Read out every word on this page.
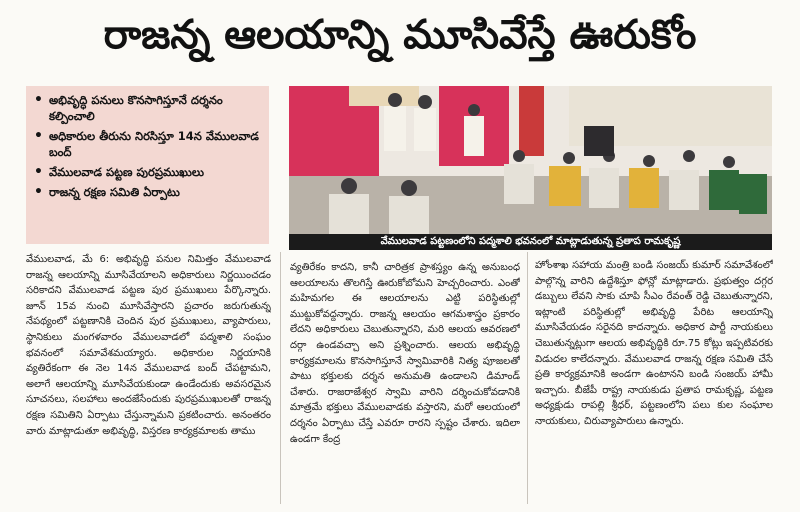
రాజన్న ఆలయాన్ని మూసివేస్తే ఊరుకోం
• అభివృద్ధి పనులు కొనసాగిస్తూనే దర్శనం కల్పించాలి
• అధికారుల తీరును నిరసిస్తూ 14న వేములవాడ బంద్
• వేములవాడ పట్టణ పురప్రముఖులు
• రాజన్న రక్షణ సమితి ఏర్పాటు
వేములవాడ పట్టణంలోని పద్మశాలి భవనంలో మాట్లాడుతున్న ప్రతాప రామకృష్ణ
వేములవాడ, మే 6: అభివృద్ధి పనుల నిమిత్తం వేములవాడ రాజన్న ఆలయాన్ని మూసివేయాలని అధికారులు నిర్ణయించడం సరికాదని వేములవాడ పట్టణ పుర ప్రముఖులు పేర్కొన్నారు. జూన్ 15వ నుంచి మూసివేస్తారని ప్రచారం జరుగుతున్న నేపథ్యంలో పట్టణానికి చెందిన పుర ప్రముఖులు, వ్యాపారులు, స్థానికులు మంగళవారం వేములవాడలో పద్మశాలి సంఘం భవనంలో సమావేశమయ్యారు. అధికారుల నిర్ణయానికి వ్యతిరేకంగా ఈ నెల 14న వేములవాడ బంద్ చేపట్టామని, అలాగే ఆలయాన్ని మూసివేయకుండా ఉండేందుకు అవసరమైన సూచనలు, సలహాలు అందజేసేందుకు పురప్రముఖులతో రాజన్న రక్షణ సమితిని ఏర్పాటు చేస్తున్నామని ప్రకటించారు. అనంతరం వారు మాట్లాడుతూ అభివృద్ధి, విస్తరణ కార్యక్రమాలకు తాము
వ్యతిరేకం కాదని, కానీ చారిత్రక ప్రాశస్త్యం ఉన్న అనుబంధ ఆలయాలను తొలగిస్తే ఊరుకోబోమని హెచ్చరించారు. ఎంతో మహిమగల ఈ ఆలయాలను ఎట్టి పరిస్థితుల్లో ముట్టుకోవద్దన్నారు. రాజన్న ఆలయం ఆగమశాస్త్రం ప్రకారం లేదని అధికారులు చెబుతున్నారని, మరి ఆలయ ఆవరణలో దర్గా ఉండవచ్చా అని ప్రశ్నించారు. ఆలయ అభివృద్ధి కార్యక్రమాలను కొనసాగిస్తూనే స్వామివారికి నిత్య పూజలతో పాటు భక్తులకు దర్శన అనుమతి ఉండాలని డిమాండ్ చేశారు. రాజరాజేశ్వర స్వామి వారిని దర్శించుకోవడానికి మాత్రమే భక్తులు వేములవాడకు వస్తారని, మరో ఆలయంలో దర్శనం ఏర్పాటు చేస్తే ఎవరూ రారని స్పష్టం చేశారు. ఇదిలా ఉండగా కేంద్ర
హోంశాఖ సహాయ మంత్రి బండి సంజయ్ కుమార్ సమావేశంలో పాల్గొన్న వారిని ఉద్దేశిస్తూ ఫోన్లో మాట్లాడారు. ప్రభుత్వం దగ్గర డబ్బులు లేవని సాకు చూపి సీఎం రేవంత్ రెడ్డి చెబుతున్నారని, ఇట్లాంటి పరిస్థితుల్లో అభివృద్ధి పేరిట ఆలయాన్ని మూసివేయడం సరైనది కాదన్నారు. అధికార పార్టీ నాయకులు చెబుతున్నట్లుగా ఆలయ అభివృద్ధికి రూ.75 కోట్లు ఇప్పటివరకు విడుదల కాలేదన్నారు. వేములవాడ రాజన్న రక్షణ సమితి చేసే ప్రతి కార్యక్రమానికి అండగా ఉంటానని బండి సంజయ్ హామీ ఇచ్చారు. బీజేపీ రాష్ట్ర నాయకుడు ప్రతాప రామకృష్ణ, పట్టణ అధ్యక్షుడు రాపల్లి శ్రీధర్, పట్టణంలోని పలు కుల సంఘాల నాయకులు, చిరువ్యాపారులు ఉన్నారు.
